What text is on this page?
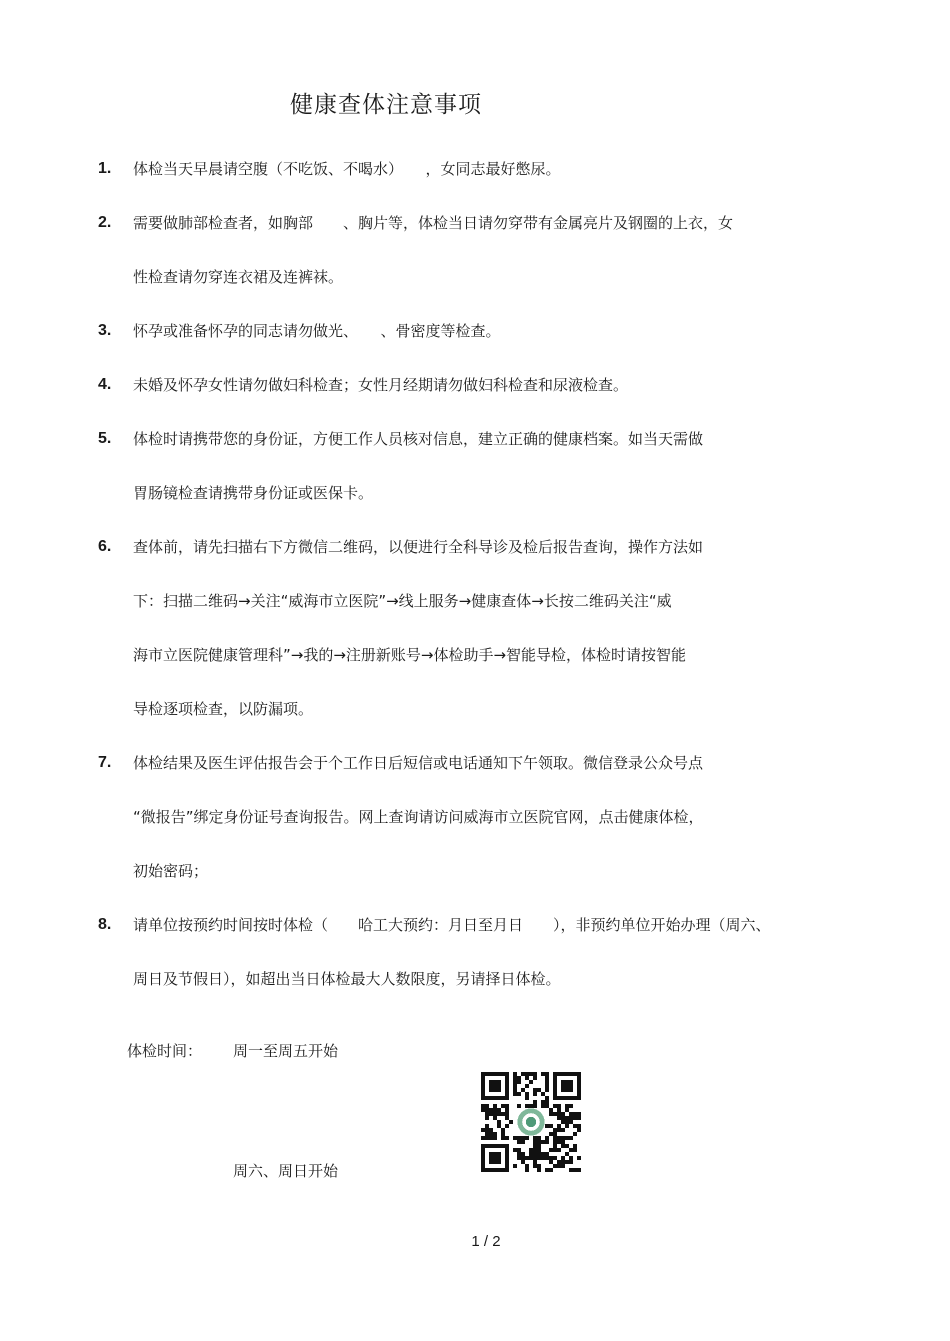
健康查体注意事项
1. 体检当天早晨请空腹（不吃饭、不喝水）　　，女同志最好憋尿。
2. 需要做肺部检查者，如胸部　　、胸片等，体检当日请勿穿带有金属亮片及钢圈的上衣，女
性检查请勿穿连衣裙及连裤袜。
3. 怀孕或准备怀孕的同志请勿做光、　　、骨密度等检查。
4. 未婚及怀孕女性请勿做妇科检查；女性月经期请勿做妇科检查和尿液检查。
5. 体检时请携带您的身份证，方便工作人员核对信息，建立正确的健康档案。如当天需做
胃肠镜检查请携带身份证或医保卡。
6. 查体前，请先扫描右下方微信二维码，以便进行全科导诊及检后报告查询，操作方法如
下：扫描二维码→关注“威海市立医院”→线上服务→健康查体→长按二维码关注“威
海市立医院健康管理科”→我的→注册新账号→体检助手→智能导检，体检时请按智能
导检逐项检查，以防漏项。
7. 体检结果及医生评估报告会于个工作日后短信或电话通知下午领取。微信登录公众号点
“微报告”绑定身份证号查询报告。网上查询请访问威海市立医院官网，点击健康体检，
初始密码；
8. 请单位按预约时间按时体检（　　哈工大预约：月日至月日　　），非预约单位开始办理（周六、
周日及节假日），如超出当日体检最大人数限度，另请择日体检。
体检时间： 周一至周五开始
周六、周日开始
1 / 2
